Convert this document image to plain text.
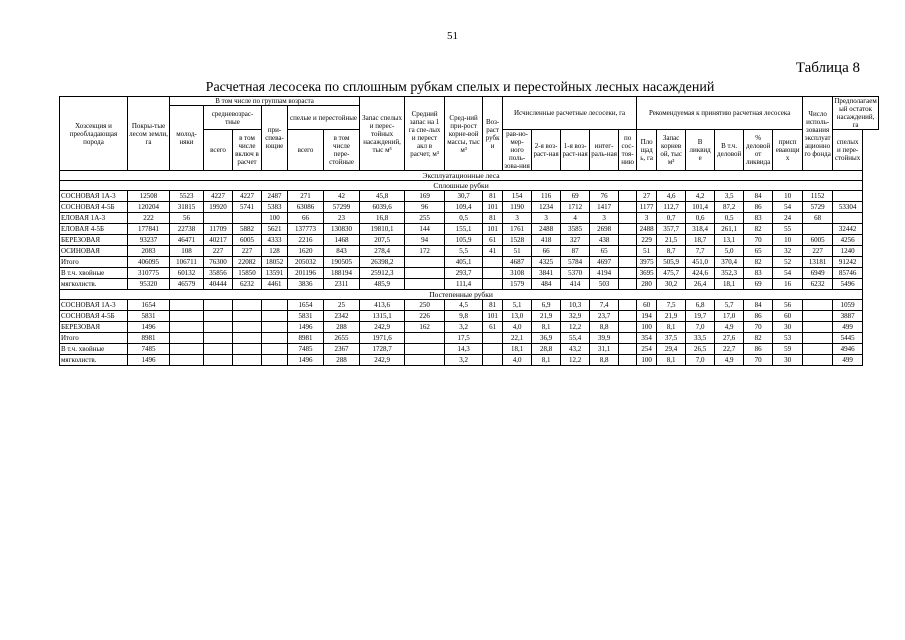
51
Таблица 8
Расчетная лесосека по сплошным рубкам спелых и перестойных лесных насаждений
Хозсекция и преобладающая порода	Покры-тые лесом земли, га	В том числе по группам возраста						Запас спелых и перес-тойных насаждений, тыс м³	Средний запас на 1 га спе-лых и перест акл в расчет, м³	Сред-ний при-рост корне-вой массы, тыс м³	Воз-раст рубк и	Исчисленные расчетные лесосеки, га					Рекомендуемая к принятию расчетная лесосека						Число исполь-зования эксплуатационного фонда	Предполагаемый остаток насаждений, га
		молод-няки	средневозрас-тные		при-спева-ющие	спелые и перестойные																		
			всего	в том числе включ в расчет		всего	в том числе пере-стойные					рав-но-мер-ного поль-зова-ния	2-я воз-раст-ная	1-я воз-раст-ная	интег-раль-ная	по сос-тоя-нию	Пло щад ь, га	Запас корнев ой, тыс м³	В ликвид е	В т.ч. деловой	% деловой от ликвида	присп евающих		спелых и пере-стойных

Эксплуатационные леса																								
Сплошные рубки																								
СОСНОВАЯ 1А-3	12508	5523	4227	4227	2487	271	42	45,8	169	30,7	81	154	116	69	76		27	4,6	4,2	3,5	84	10	1152	
СОСНОВАЯ 4-5Б	120204	31815	19920	5741	5383	63086	57299	6039,6	96	109,4	101	1190	1234	1712	1417		1177	112,7	101,4	87,2	86	54	5729	53304
ЕЛОВАЯ 1А-3	222	56			100	66	23	16,8	255	0,5	81	3	3	4	3		3	0,7	0,6	0,5	83	24	68	
ЕЛОВАЯ 4-5Б	177841	22738	11709	5882	5621	137773	130830	19810,1	144	155,1	101	1761	2488	3585	2698		2488	357,7	318,4	261,1	82	55		32442
БЕРЕЗОВАЯ	93237	46471	40217	6005	4333	2216	1468	207,5	94	105,9	61	1528	418	327	438		229	21,5	18,7	13,1	70	10	6005	4256
ОСИНОВАЯ	2083	108	227	227	128	1620	843	278,4	172	5,5	41	51	66	87	65		51	8,7	7,7	5,0	65	32	227	1240
Итого	406095	106711	76300	22082	18052	205032	190505	26398,2		405,1		4687	4325	5784	4697		3975	505,9	451,0	370,4	82	52	13181	91242
В т.ч. хвойные	310775	60132	35856	15850	13591	201196	188194	25912,3		293,7		3108	3841	5370	4194		3695	475,7	424,6	352,3	83	54	6949	85746
мягколиств.	95320	46579	40444	6232	4461	3836	2311	485,9		111,4		1579	484	414	503		280	30,2	26,4	18,1	69	16	6232	5496
Постепенные рубки																								
СОСНОВАЯ 1А-3	1654					1654	25	413,6	250	4,5	81	5,1	6,9	10,3	7,4		60	7,5	6,8	5,7	84	56		1059
СОСНОВАЯ 4-5Б	5831					5831	2342	1315,1	226	9,8	101	13,0	21,9	32,9	23,7		194	21,9	19,7	17,0	86	60		3887
БЕРЕЗОВАЯ	1496					1496	288	242,9	162	3,2	61	4,0	8,1	12,2	8,8		100	8,1	7,0	4,9	70	30		499
Итого	8981					8981	2655	1971,6		17,5		22,1	36,9	55,4	39,9		354	37,5	33,5	27,6	82	53		5445
В т.ч. хвойные	7485					7485	2367	1728,7		14,3		18,1	28,8	43,2	31,1		254	29,4	26,5	22,7	86	59		4946
мягколиств.	1496					1496	288	242,9		3,2		4,0	8,1	12,2	8,8		100	8,1	7,0	4,9	70	30		499
